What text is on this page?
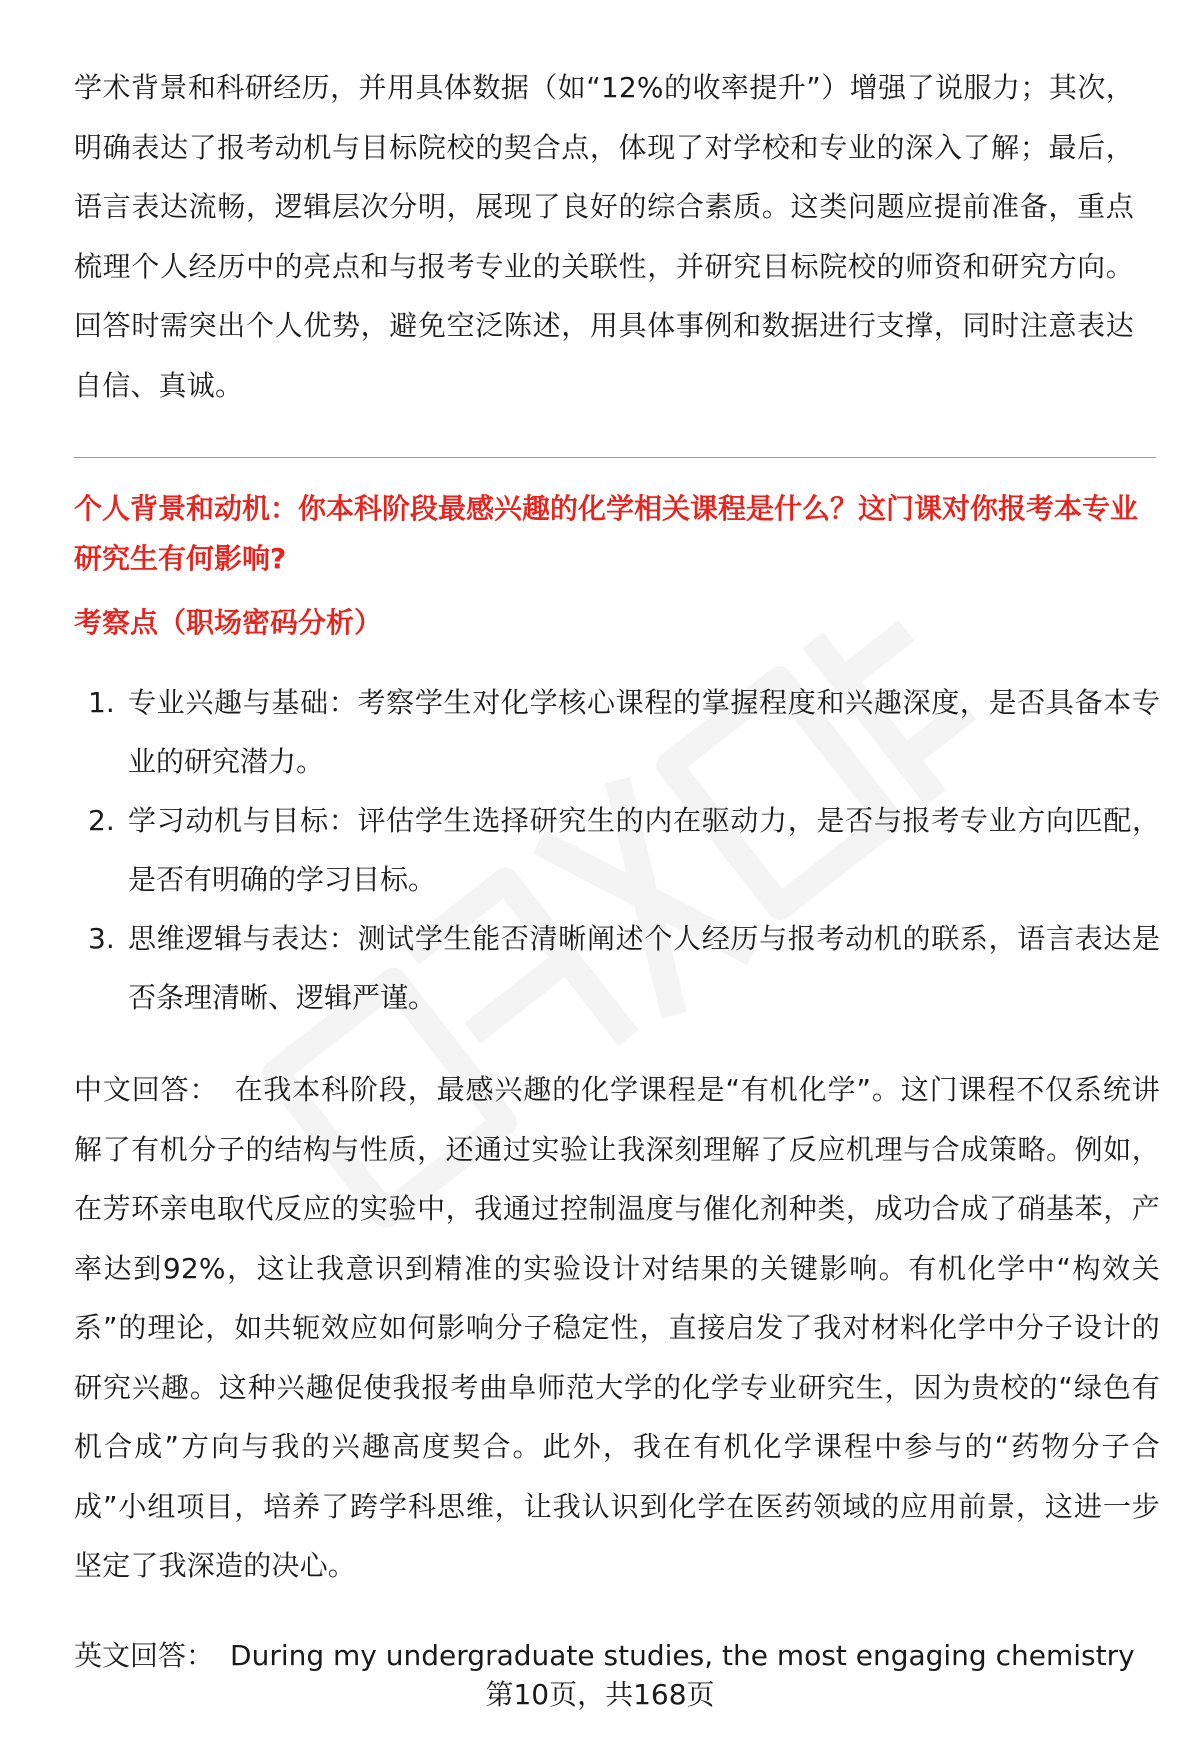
学术背景和科研经历，并用具体数据（如“12%的收率提升”）增强了说服力；其次，明确表达了报考动机与目标院校的契合点，体现了对学校和专业的深入了解；最后，语言表达流畅，逻辑层次分明，展现了良好的综合素质。这类问题应提前准备，重点梳理个人经历中的亮点和与报考专业的关联性，并研究目标院校的师资和研究方向。回答时需突出个人优势，避免空泛陈述，用具体事例和数据进行支撑，同时注意表达自信、真诚。

个人背景和动机：你本科阶段最感兴趣的化学相关课程是什么？这门课对你报考本专业研究生有何影响?

考察点（职场密码分析）

1. 专业兴趣与基础：考察学生对化学核心课程的掌握程度和兴趣深度，是否具备本专业的研究潜力。
2. 学习动机与目标：评估学生选择研究生的内在驱动力，是否与报考专业方向匹配，是否有明确的学习目标。
3. 思维逻辑与表达：测试学生能否清晰阐述个人经历与报考动机的联系，语言表达是否条理清晰、逻辑严谨。

中文回答： 在我本科阶段，最感兴趣的化学课程是“有机化学”。这门课程不仅系统讲解了有机分子的结构与性质，还通过实验让我深刻理解了反应机理与合成策略。例如，在芳环亲电取代反应的实验中，我通过控制温度与催化剂种类，成功合成了硝基苯，产率达到92%，这让我意识到精准的实验设计对结果的关键影响。有机化学中“构效关系”的理论，如共轭效应如何影响分子稳定性，直接启发了我对材料化学中分子设计的研究兴趣。这种兴趣促使我报考曲阜师范大学的化学专业研究生，因为贵校的“绿色有机合成”方向与我的兴趣高度契合。此外，我在有机化学课程中参与的“药物分子合成”小组项目，培养了跨学科思维，让我认识到化学在医药领域的应用前景，这进一步坚定了我深造的决心。

英文回答： During my undergraduate studies, the most engaging chemistry

第10页，共168页
